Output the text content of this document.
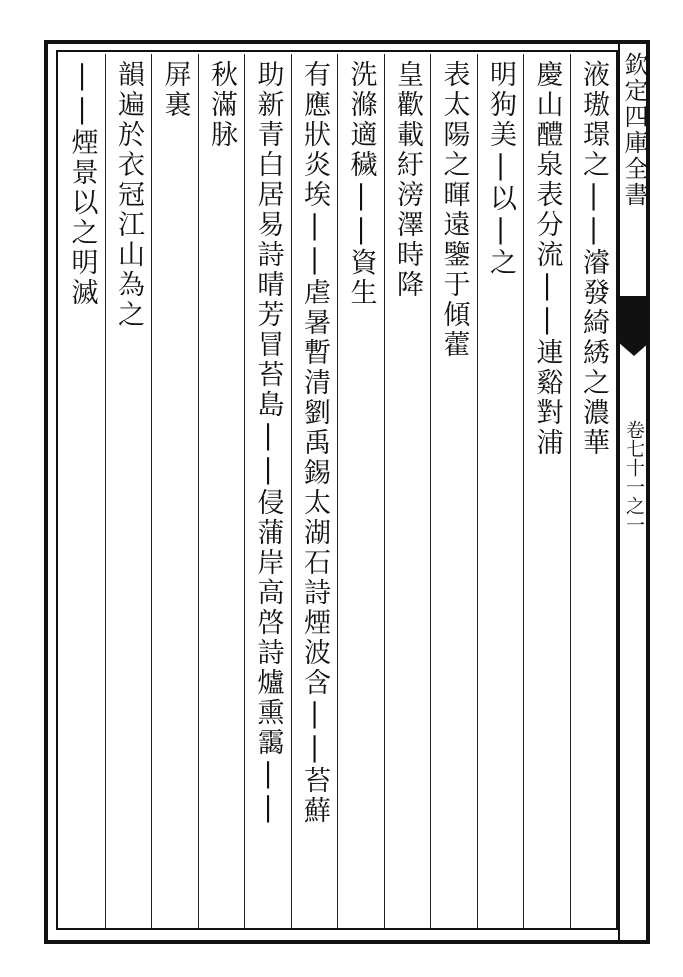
欽定四庫全書
卷七十一之一
液璈璟之||濬發綺綉之濃華
慶山醴泉表分流||連谿對浦
明狗美|以|之
表太陽之暉遠鑒于傾藿
皇歡載紆滂澤時降
洗滌適穢||資生
有應狀炎埃||虐暑暫清劉禹錫太湖石詩煙波含||苔蘚
助新青白居易詩晴芳冒苔島||侵蒲岸高啓詩爐熏靄||
秋滿脉
屏裏
韻遍於衣冠江山為之
||煙景以之明滅
